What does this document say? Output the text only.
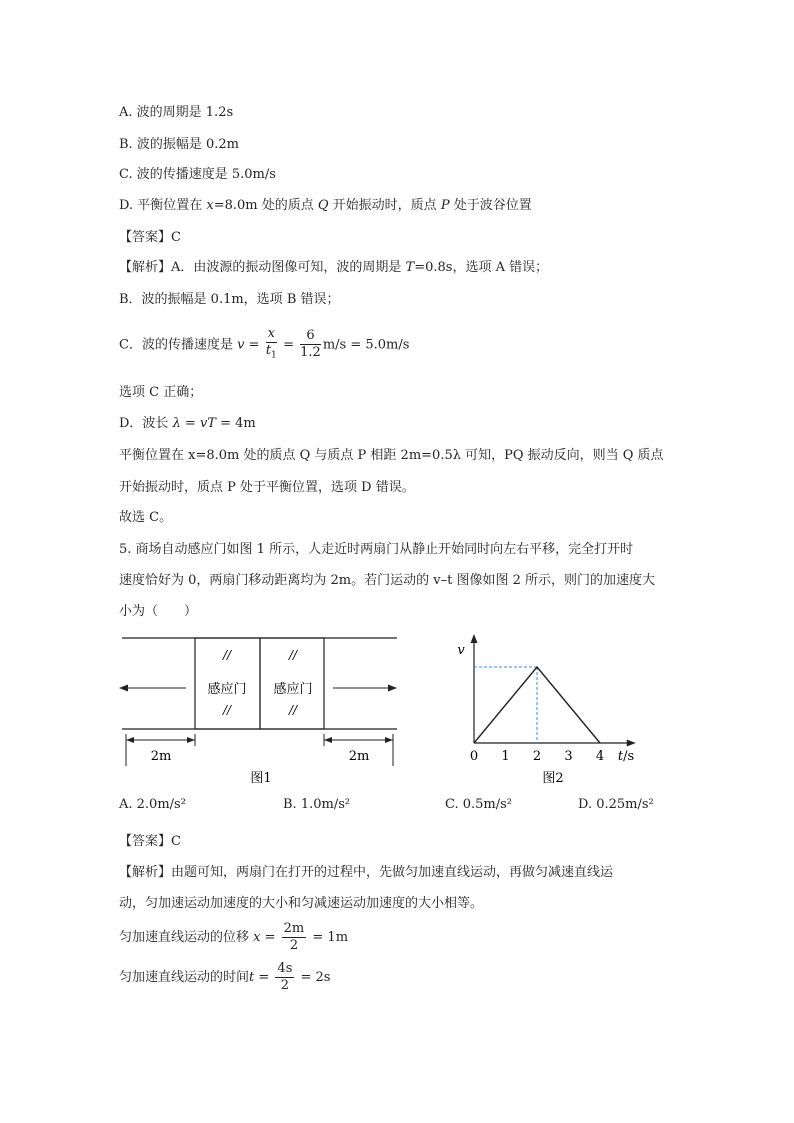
A. 波的周期是 1.2s
B. 波的振幅是 0.2m
C. 波的传播速度是 5.0m/s
D. 平衡位置在 x=8.0m 处的质点 Q 开始振动时，质点 P 处于波谷位置
【答案】C
【解析】A．由波源的振动图像可知，波的周期是 T=0.8s，选项 A 错误；
B．波的振幅是 0.1m，选项 B 错误；
C．波的传播速度是 $v = \frac{x}{t_1} = \frac{6}{1.2} m/s = 5.0m/s$
选项 C 正确；
D．波长 λ = vT = 4m
平衡位置在 x=8.0m 处的质点 Q 与质点 P 相距 2m=0.5λ 可知，PQ 振动反向，则当 Q 质点
开始振动时，质点 P 处于平衡位置，选项 D 错误。
故选 C。
5. 商场自动感应门如图 1 所示，人走近时两扇门从静止开始同时向左右平移，完全打开时
速度恰好为 0，两扇门移动距离均为 2m。若门运动的 v–t 图像如图 2 所示，则门的加速度大
小为（　　）
//
//
//
//
感应门 感应门
2m	2m
图1
v
t/s
0 1 2 3 4
图2
A. 2.0m/s²	B. 1.0m/s²	C. 0.5m/s²	D. 0.25m/s²
【答案】C
【解析】由题可知，两扇门在打开的过程中，先做匀加速直线运动，再做匀减速直线运
动，匀加速运动加速度的大小和匀减速运动加速度的大小相等。
匀加速直线运动的位移 $x = \frac{2m}{2} = 1m$
匀加速直线运动的时间$t = \frac{4s}{2} = 2s$
